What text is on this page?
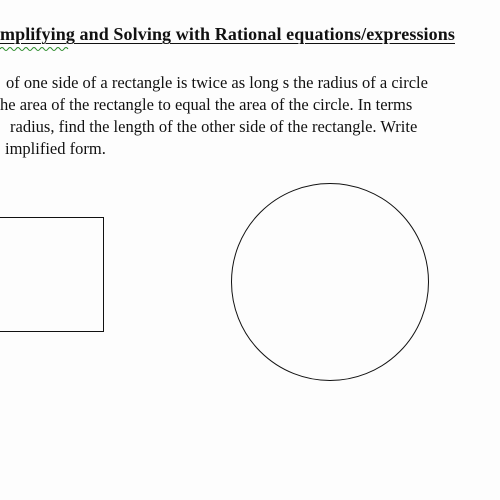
mplifying and Solving with Rational equations/expressions
of one side of a rectangle is twice as long s the radius of a circle
he area of the rectangle to equal the area of the circle. In terms
radius, find the length of the other side of the rectangle. Write
implified form.
